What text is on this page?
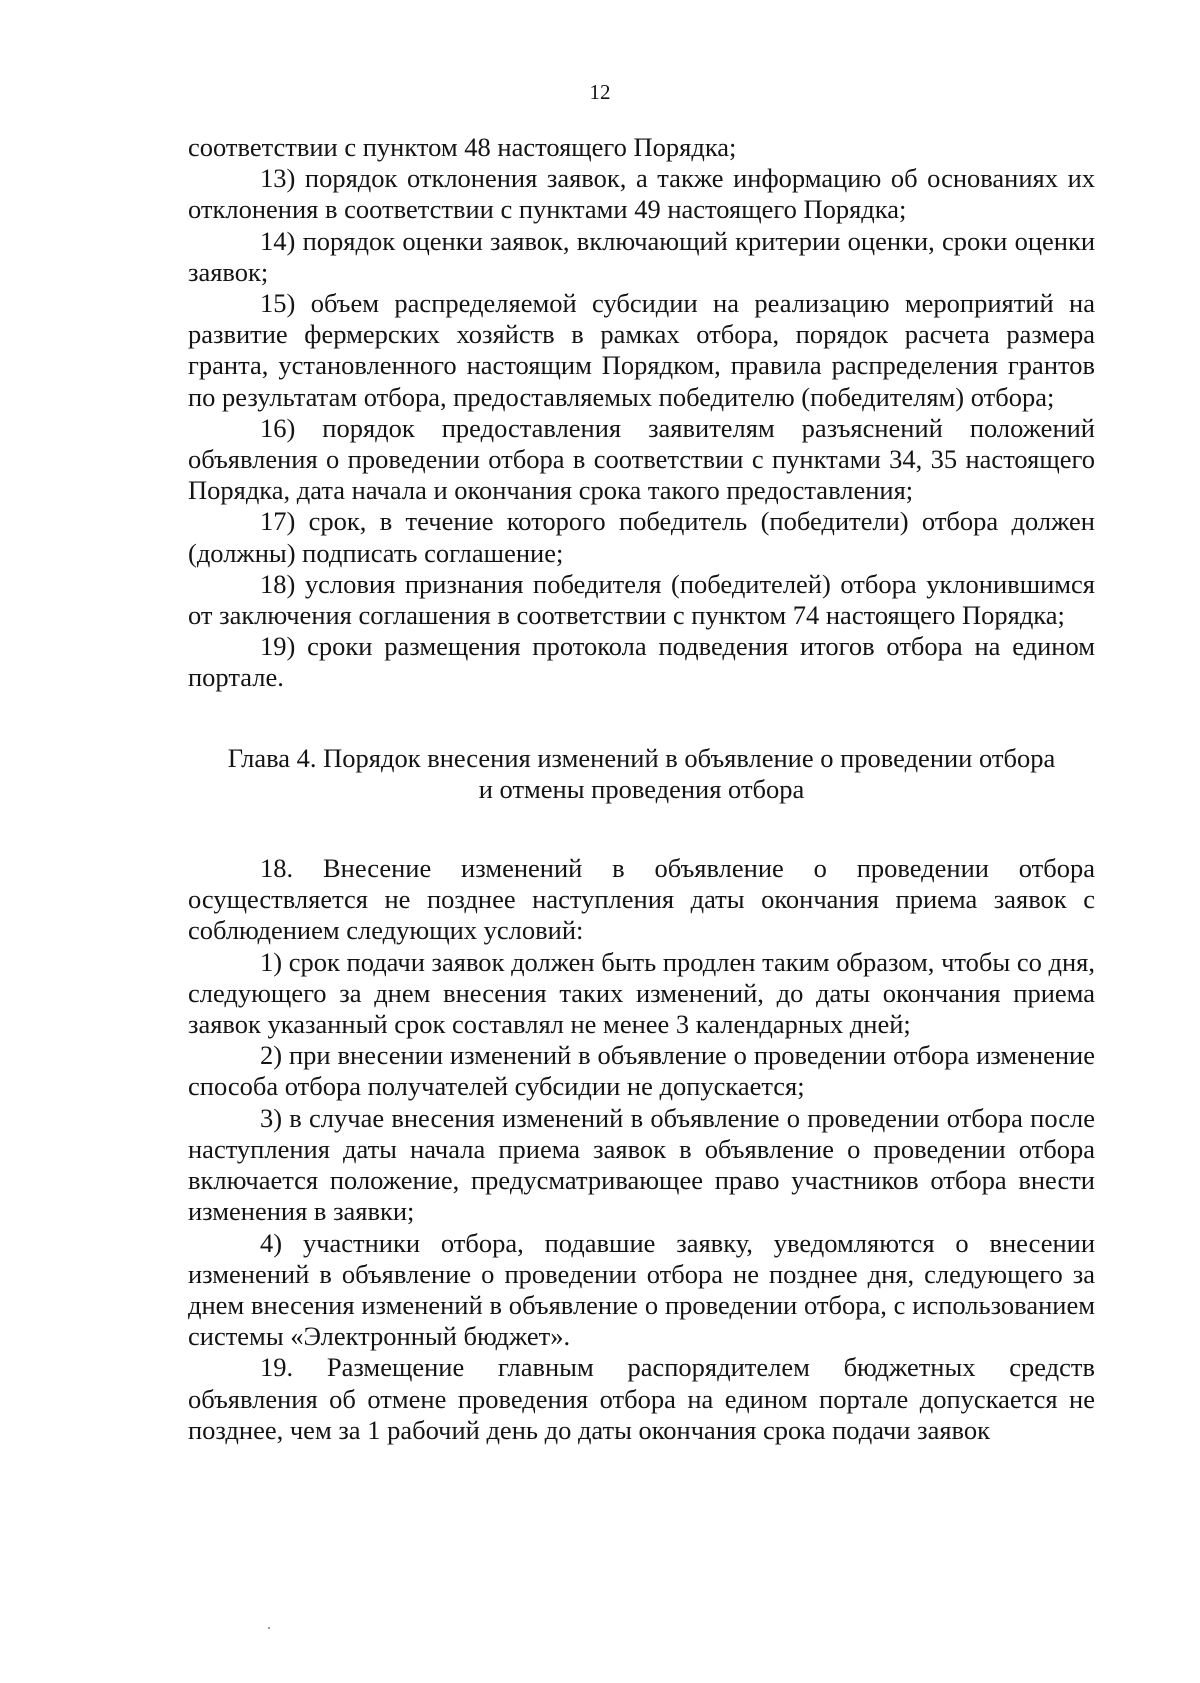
12

соответствии с пунктом 48 настоящего Порядка;

13) порядок отклонения заявок, а также информацию об основаниях их отклонения в соответствии с пунктами 49 настоящего Порядка;

14) порядок оценки заявок, включающий критерии оценки, сроки оценки заявок;

15) объем распределяемой субсидии на реализацию мероприятий на развитие фермерских хозяйств в рамках отбора, порядок расчета размера гранта, установленного настоящим Порядком, правила распределения грантов по результатам отбора, предоставляемых победителю (победителям) отбора;

16) порядок предоставления заявителям разъяснений положений объявления о проведении отбора в соответствии с пунктами 34, 35 настоящего Порядка, дата начала и окончания срока такого предоставления;

17) срок, в течение которого победитель (победители) отбора должен (должны) подписать соглашение;

18) условия признания победителя (победителей) отбора уклонившимся от заключения соглашения в соответствии с пунктом 74 настоящего Порядка;

19) сроки размещения протокола подведения итогов отбора на едином портале.

Глава 4. Порядок внесения изменений в объявление о проведении отбора
и отмены проведения отбора

18. Внесение изменений в объявление о проведении отбора осуществляется не позднее наступления даты окончания приема заявок с соблюдением следующих условий:

1) срок подачи заявок должен быть продлен таким образом, чтобы со дня, следующего за днем внесения таких изменений, до даты окончания приема заявок указанный срок составлял не менее 3 календарных дней;

2) при внесении изменений в объявление о проведении отбора изменение способа отбора получателей субсидии не допускается;

3) в случае внесения изменений в объявление о проведении отбора после наступления даты начала приема заявок в объявление о проведении отбора включается положение, предусматривающее право участников отбора внести изменения в заявки;

4) участники отбора, подавшие заявку, уведомляются о внесении изменений в объявление о проведении отбора не позднее дня, следующего за днем внесения изменений в объявление о проведении отбора, с использованием системы «Электронный бюджет».

19. Размещение главным распорядителем бюджетных средств объявления об отмене проведения отбора на едином портале допускается не позднее, чем за 1 рабочий день до даты окончания срока подачи заявок
